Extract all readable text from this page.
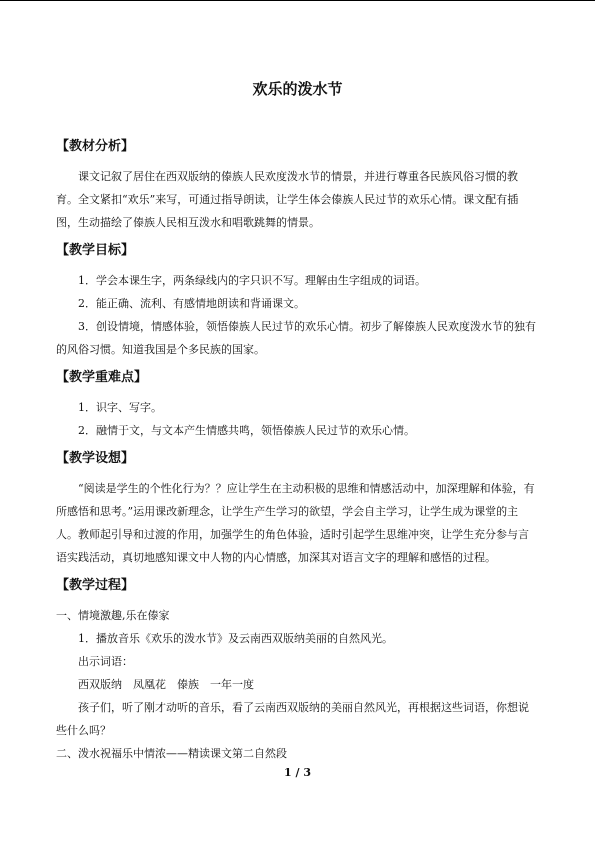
欢乐的泼水节
【教材分析】

课文记叙了居住在西双版纳的傣族人民欢度泼水节的情景，并进行尊重各民族风俗习惯的教育。全文紧扣“欢乐”来写，可通过指导朗读，让学生体会傣族人民过节的欢乐心情。课文配有插图，生动描绘了傣族人民相互泼水和唱歌跳舞的情景。

【教学目标】

1．学会本课生字，两条绿线内的字只识不写。理解由生字组成的词语。

2．能正确、流利、有感情地朗读和背诵课文。

3．创设情境，情感体验，领悟傣族人民过节的欢乐心情。初步了解傣族人民欢度泼水节的独有的风俗习惯。知道我国是个多民族的国家。

【教学重难点】

1．识字、写字。

2．融情于文，与文本产生情感共鸣，领悟傣族人民过节的欢乐心情。

【教学设想】

“阅读是学生的个性化行为？？应让学生在主动积极的思维和情感活动中，加深理解和体验，有所感悟和思考。”运用课改新理念，让学生产生学习的欲望，学会自主学习，让学生成为课堂的主人。教师起引导和过渡的作用，加强学生的角色体验，适时引起学生思维冲突，让学生充分参与言语实践活动，真切地感知课文中人物的内心情感，加深其对语言文字的理解和感悟的过程。

【教学过程】

一、情境激趣,乐在傣家

1．播放音乐《欢乐的泼水节》及云南西双版纳美丽的自然风光。

出示词语：

西双版纳　凤凰花　傣族　一年一度

孩子们，听了刚才动听的音乐，看了云南西双版纳的美丽自然风光，再根据这些词语，你想说些什么吗？

二、泼水祝福乐中情浓——精读课文第二自然段

1 / 3
